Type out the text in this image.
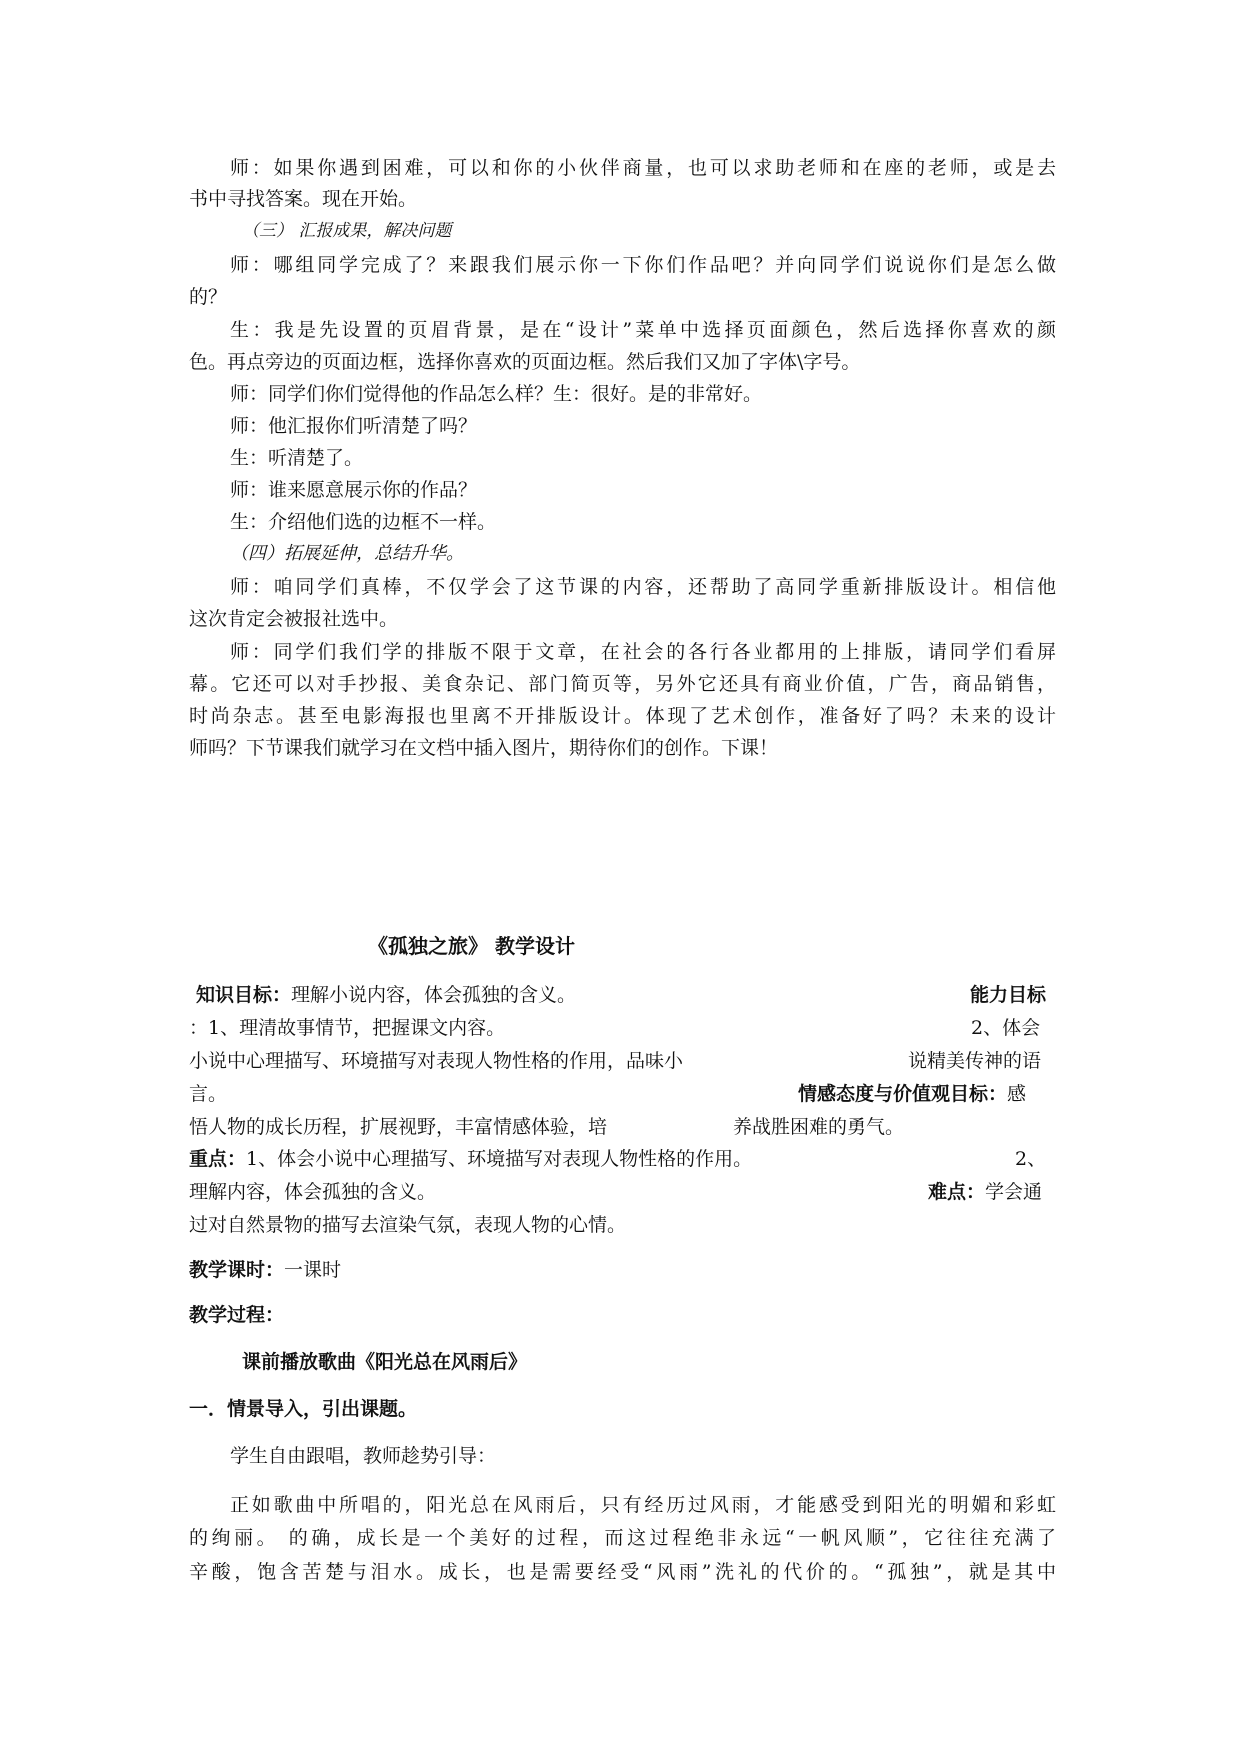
师：如果你遇到困难，可以和你的小伙伴商量，也可以求助老师和在座的老师，或是去
书中寻找答案。现在开始。
（三） 汇报成果，解决问题
师：哪组同学完成了？来跟我们展示你一下你们作品吧？并向同学们说说你们是怎么做
的？
生：我是先设置的页眉背景，是在“设计”菜单中选择页面颜色，然后选择你喜欢的颜
色。再点旁边的页面边框，选择你喜欢的页面边框。然后我们又加了字体\字号。
师：同学们你们觉得他的作品怎么样？生：很好。是的非常好。
师：他汇报你们听清楚了吗？
生：听清楚了。
师：谁来愿意展示你的作品？
生：介绍他们选的边框不一样。
（四）拓展延伸，总结升华。
师：咱同学们真棒，不仅学会了这节课的内容，还帮助了高同学重新排版设计。相信他
这次肯定会被报社选中。
师：同学们我们学的排版不限于文章，在社会的各行各业都用的上排版，请同学们看屏
幕。它还可以对手抄报、美食杂记、部门简页等，另外它还具有商业价值，广告，商品销售，
时尚杂志。甚至电影海报也里离不开排版设计。体现了艺术创作，准备好了吗？未来的设计
师吗？下节课我们就学习在文档中插入图片，期待你们的创作。下课！
《孤独之旅》 教学设计
知识目标：理解小说内容，体会孤独的含义。	能力目标
：1、理清故事情节，把握课文内容。	2、体会
小说中心理描写、环境描写对表现人物性格的作用，品味小	说精美传神的语
言。	情感态度与价值观目标：感
悟人物的成长历程，扩展视野，丰富情感体验，培	养战胜困难的勇气。
重点：1、体会小说中心理描写、环境描写对表现人物性格的作用。	2、
理解内容，体会孤独的含义。	难点：学会通
过对自然景物的描写去渲染气氛，表现人物的心情。
教学课时：一课时
教学过程：
课前播放歌曲《阳光总在风雨后》
一．情景导入，引出课题。
学生自由跟唱，教师趁势引导：
正如歌曲中所唱的，阳光总在风雨后，只有经历过风雨，才能感受到阳光的明媚和彩虹
的绚丽。 的确，成长是一个美好的过程，而这过程绝非永远“一帆风顺”，它往往充满了
辛酸，饱含苦楚与泪水。成长，也是需要经受“风雨”洗礼的代价的。“孤独”，就是其中
